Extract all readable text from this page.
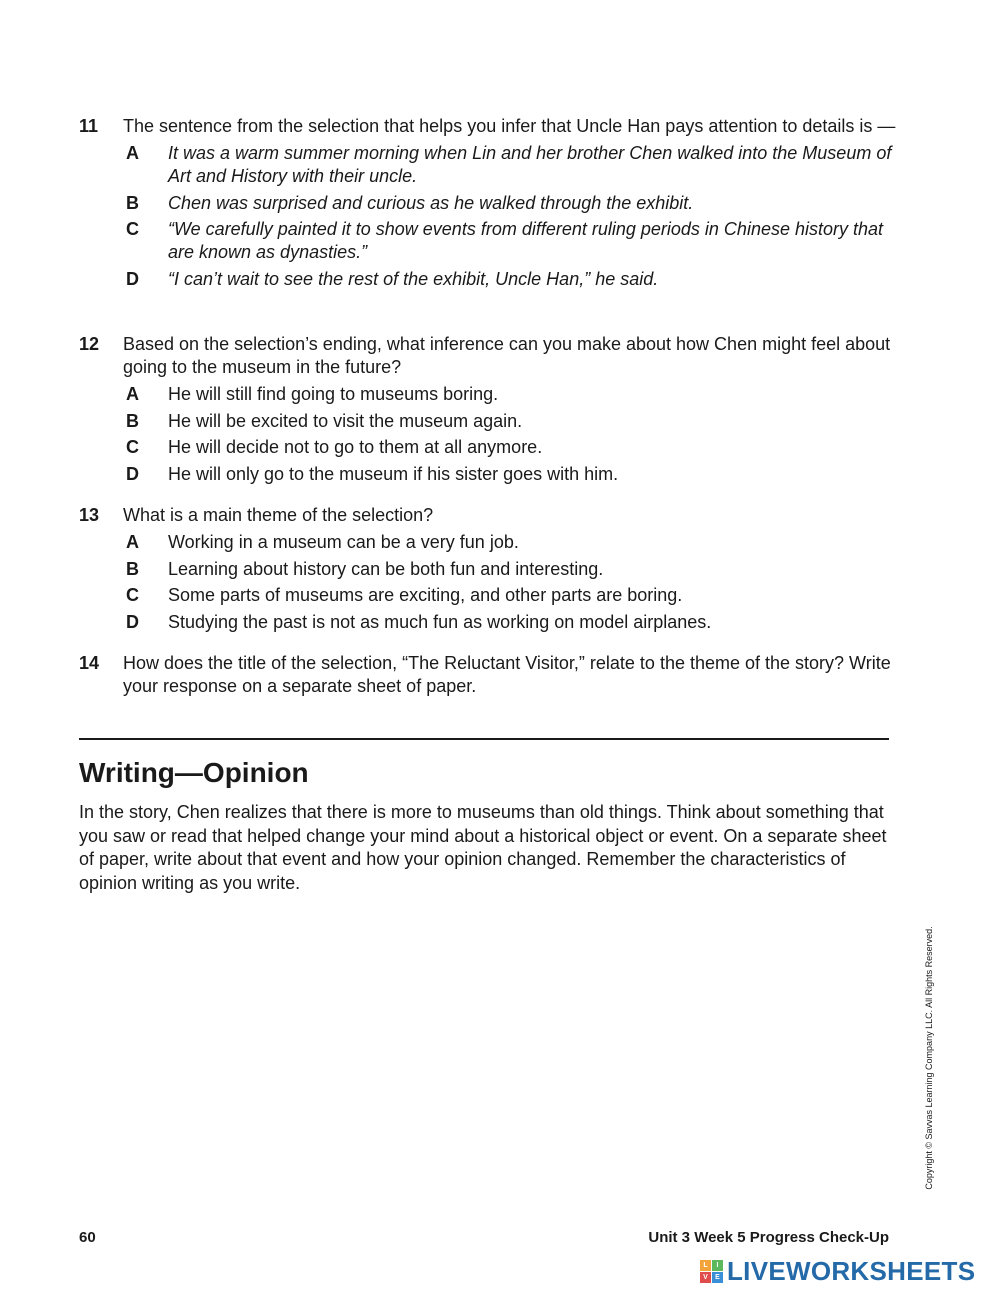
11 The sentence from the selection that helps you infer that Uncle Han pays attention to details is —
A It was a warm summer morning when Lin and her brother Chen walked into the Museum of Art and History with their uncle.
B Chen was surprised and curious as he walked through the exhibit.
C “We carefully painted it to show events from different ruling periods in Chinese history that are known as dynasties.”
D “I can’t wait to see the rest of the exhibit, Uncle Han,” he said.
12 Based on the selection’s ending, what inference can you make about how Chen might feel about going to the museum in the future?
A He will still find going to museums boring.
B He will be excited to visit the museum again.
C He will decide not to go to them at all anymore.
D He will only go to the museum if his sister goes with him.
13 What is a main theme of the selection?
A Working in a museum can be a very fun job.
B Learning about history can be both fun and interesting.
C Some parts of museums are exciting, and other parts are boring.
D Studying the past is not as much fun as working on model airplanes.
14 How does the title of the selection, “The Reluctant Visitor,” relate to the theme of the story? Write your response on a separate sheet of paper.
Writing—Opinion
In the story, Chen realizes that there is more to museums than old things. Think about something that you saw or read that helped change your mind about a historical object or event. On a separate sheet of paper, write about that event and how your opinion changed. Remember the characteristics of opinion writing as you write.
Copyright © Savvas Learning Company LLC. All Rights Reserved.
60	Unit 3 Week 5 Progress Check-Up
L	I
V	E LIVEWORKSHEETS
